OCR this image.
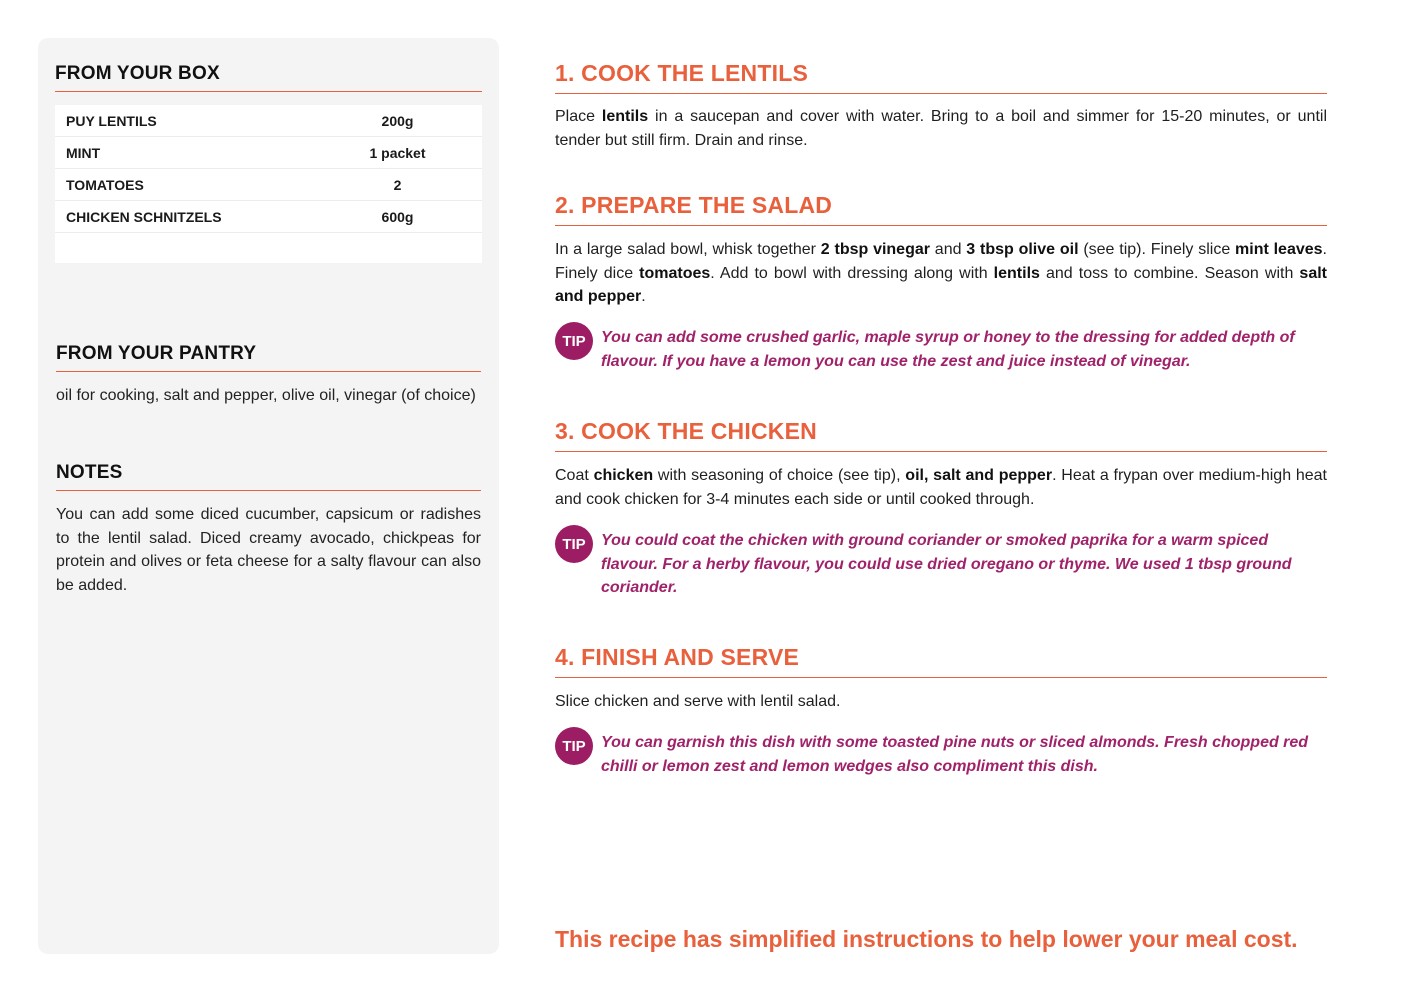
FROM YOUR BOX
PUY LENTILS	200g
MINT	1 packet
TOMATOES	2
CHICKEN SCHNITZELS	600g
FROM YOUR PANTRY
oil for cooking, salt and pepper, olive oil, vinegar (of choice)
NOTES
You can add some diced cucumber, capsicum or radishes to the lentil salad. Diced creamy avocado, chickpeas for protein and olives or feta cheese for a salty flavour can also be added.
1. COOK THE LENTILS
Place lentils in a saucepan and cover with water. Bring to a boil and simmer for 15-20 minutes, or until tender but still firm. Drain and rinse.
2. PREPARE THE SALAD
In a large salad bowl, whisk together 2 tbsp vinegar and 3 tbsp olive oil (see tip). Finely slice mint leaves. Finely dice tomatoes. Add to bowl with dressing along with lentils and toss to combine. Season with salt and pepper.
TIP You can add some crushed garlic, maple syrup or honey to the dressing for added depth of flavour. If you have a lemon you can use the zest and juice instead of vinegar.
3. COOK THE CHICKEN
Coat chicken with seasoning of choice (see tip), oil, salt and pepper. Heat a frypan over medium-high heat and cook chicken for 3-4 minutes each side or until cooked through.
TIP You could coat the chicken with ground coriander or smoked paprika for a warm spiced flavour. For a herby flavour, you could use dried oregano or thyme. We used 1 tbsp ground coriander.
4. FINISH AND SERVE
Slice chicken and serve with lentil salad.
TIP You can garnish this dish with some toasted pine nuts or sliced almonds. Fresh chopped red chilli or lemon zest and lemon wedges also compliment this dish.
This recipe has simplified instructions to help lower your meal cost.
